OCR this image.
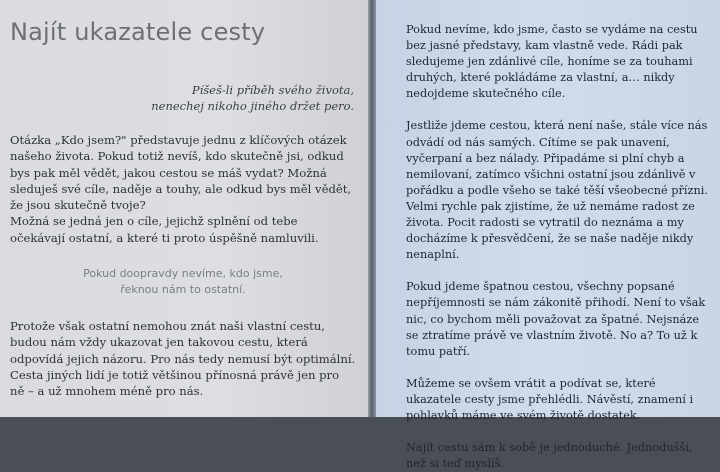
Najít ukazatele cesty
Píšeš-li příběh svého života,
nenechej nikoho jiného držet pero.

Otázka „Kdo jsem?" představuje jednu z klíčových otázek našeho života. Pokud totiž nevíš, kdo skutečně jsi, odkud bys pak měl vědět, jakou cestou se máš vydat? Možná sleduješ své cíle, naděje a touhy, ale odkud bys měl vědět, že jsou skutečně tvoje?

Možná se jedná jen o cíle, jejichž splnění od tebe očekávají ostatní, a které ti proto úspěšně namluvili.

Pokud doopravdy nevíme, kdo jsme,
řeknou nám to ostatní.

Protože však ostatní nemohou znát naši vlastní cestu, budou nám vždy ukazovat jen takovou cestu, která odpovídá jejich názoru. Pro nás tedy nemusí být optimální. Cesta jiných lidí je totiž většinou přínosná právě jen pro ně – a už mnohem méně pro nás.

Pokud nevíme, kdo jsme, často se vydáme na cestu bez jasné představy, kam vlastně vede. Rádi pak sledujeme jen zdánlivé cíle, honíme se za touhami druhých, které pokládáme za vlastní, a… nikdy nedojdeme skutečného cíle.

Jestliže jdeme cestou, která není naše, stále více nás odvádí od nás samých. Cítíme se pak unavení, vyčerpaní a bez nálady. Připadáme si plní chyb a nemilovaní, zatímco všichni ostatní jsou zdánlivě v pořádku a podle všeho se také těší všeobecné přízni. Velmi rychle pak zjistíme, že už nemáme radost ze života. Pocit radosti se vytratil do neznáma a my docházíme k přesvědčení, že se naše naděje nikdy nenaplní.

Pokud jdeme špatnou cestou, všechny popsané nepříjemnosti se nám zákonitě přihodí. Není to však nic, co bychom měli považovat za špatné. Nejsnáze se ztratíme právě ve vlastním životě. No a? To už k tomu patří.

Můžeme se ovšem vrátit a podívat se, které ukazatele cesty jsme přehlédli. Návěstí, znamení i pohlavků máme ve svém životě dostatek.

Najít cestu sám k sobě je jednoduché. Jednodušší, než si teď myslíš.
